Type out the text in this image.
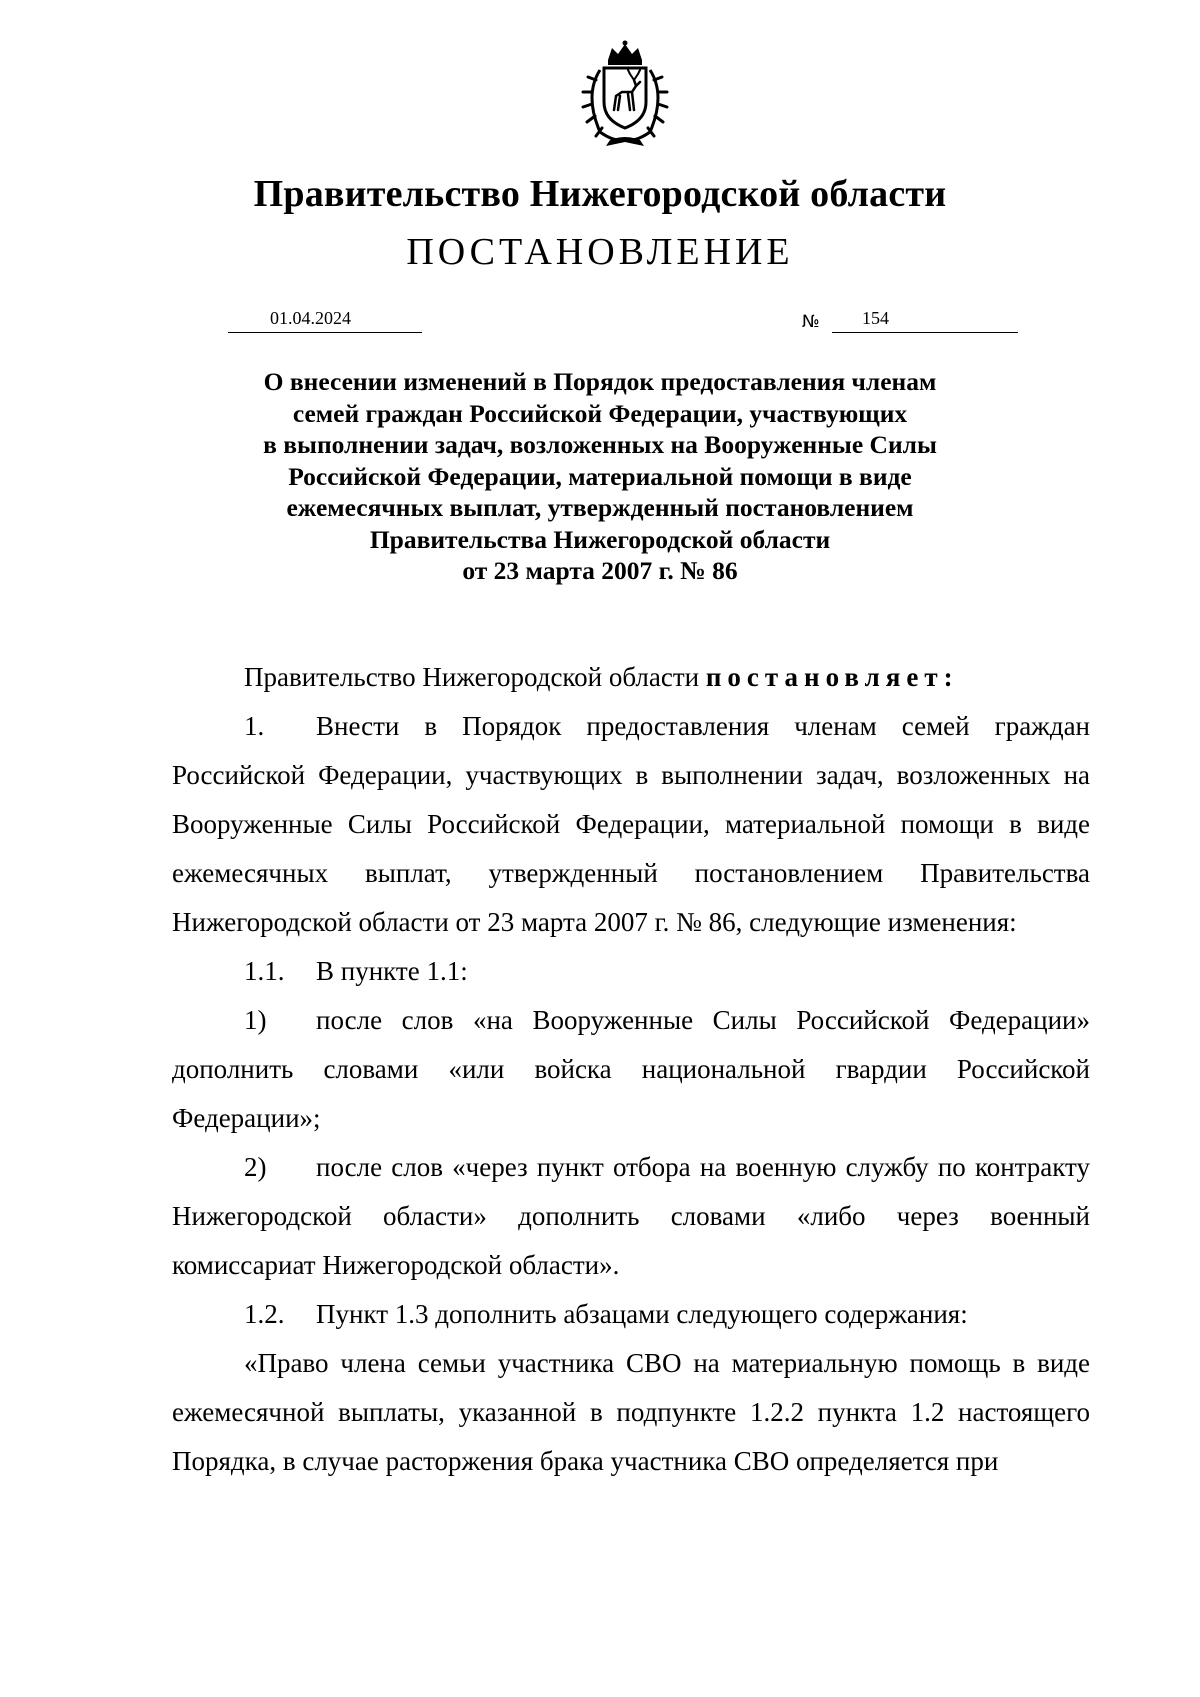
Правительство Нижегородской области
ПОСТАНОВЛЕНИЕ
01.04.2024	№	154
О внесении изменений в Порядок предоставления членам
семей граждан Российской Федерации, участвующих
в выполнении задач, возложенных на Вооруженные Силы
Российской Федерации, материальной помощи в виде
ежемесячных выплат, утвержденный постановлением
Правительства Нижегородской области
от 23 марта 2007 г. № 86

Правительство Нижегородской области постановляет:

1. Внести в Порядок предоставления членам семей граждан Российской Федерации, участвующих в выполнении задач, возложенных на Вооруженные Силы Российской Федерации, материальной помощи в виде ежемесячных выплат, утвержденный постановлением Правительства Нижегородской области от 23 марта 2007 г. № 86, следующие изменения:

1.1. В пункте 1.1:

1) после слов «на Вооруженные Силы Российской Федерации» дополнить словами «или войска национальной гвардии Российской Федерации»;

2) после слов «через пункт отбора на военную службу по контракту Нижегородской области» дополнить словами «либо через военный комиссариат Нижегородской области».

1.2. Пункт 1.3 дополнить абзацами следующего содержания:

«Право члена семьи участника СВО на материальную помощь в виде ежемесячной выплаты, указанной в подпункте 1.2.2 пункта 1.2 настоящего Порядка, в случае расторжения брака участника СВО определяется при
